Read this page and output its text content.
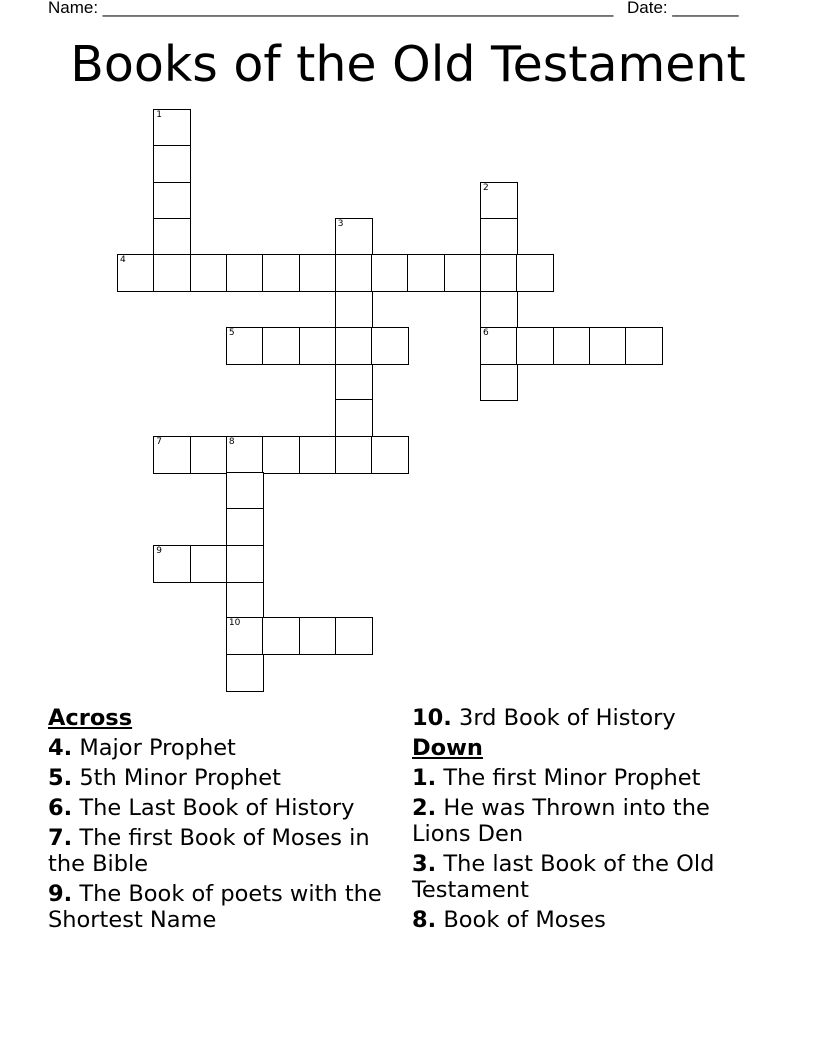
Name: ______________________________________________________ Date: _______
Books of the Old Testament
1
2
3
4
5	6
7	8
9
10
Across
4. Major Prophet
5. 5th Minor Prophet
6. The Last Book of History
7. The first Book of Moses in the Bible
9. The Book of poets with the Shortest Name
10. 3rd Book of History
Down
1. The first Minor Prophet
2. He was Thrown into the Lions Den
3. The last Book of the Old Testament
8. Book of Moses
